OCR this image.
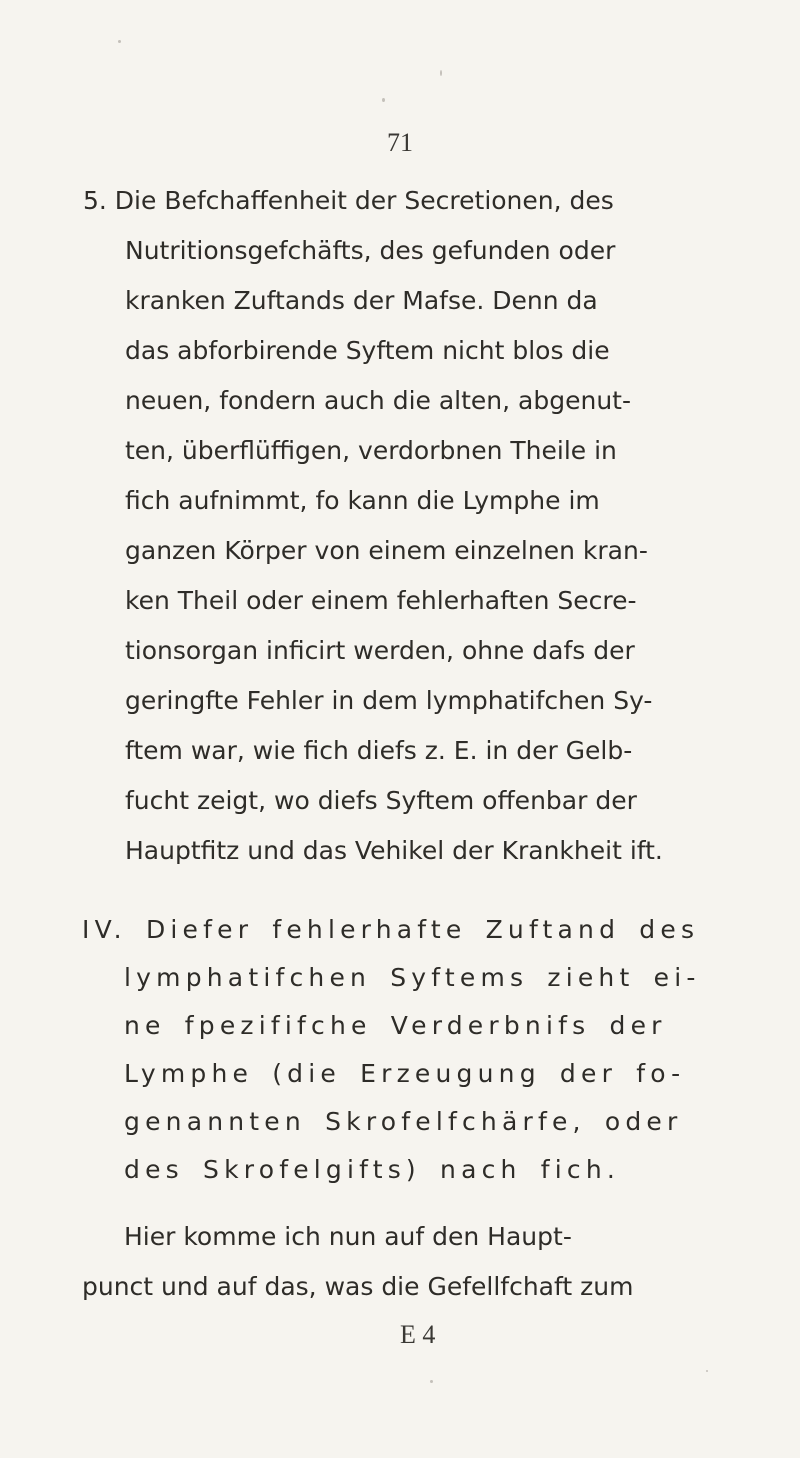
71
5. Die Befchaffenheit der Secretionen, des
Nutritionsgefchäfts, des gefunden oder
kranken Zuftands der Mafse. Denn da
das abforbirende Syftem nicht blos die
neuen, fondern auch die alten, abgenut-
ten, überflüffigen, verdorbnen Theile in
fich aufnimmt, fo kann die Lymphe im
ganzen Körper von einem einzelnen kran-
ken Theil oder einem fehlerhaften Secre-
tionsorgan inficirt werden, ohne dafs der
geringfte Fehler in dem lymphatifchen Sy-
ftem war, wie fich diefs z. E. in der Gelb-
fucht zeigt, wo diefs Syftem offenbar der
Hauptfitz und das Vehikel der Krankheit ift.
IV. Diefer fehlerhafte Zuftand des
lymphatifchen Syftems zieht ei-
ne fpezififche Verderbnifs der
Lymphe (die Erzeugung der fo-
genannten Skrofelfchärfe, oder
des Skrofelgifts) nach fich.
Hier komme ich nun auf den Haupt-
punct und auf das, was die Gefellfchaft zum
E 4
